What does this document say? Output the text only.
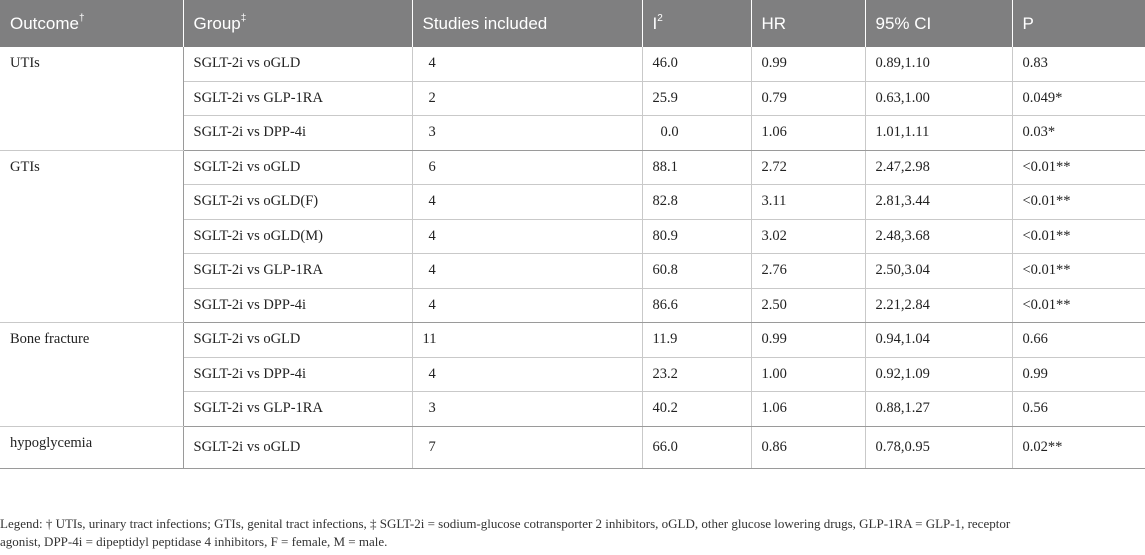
Outcome†	Group‡	Studies included	$I^2$	HR	95% CI	P
UTIs	SGLT-2i vs oGLD	4	46.0	0.99	0.89,1.10	0.83
	SGLT-2i vs GLP-1RA	2	25.9	0.79	0.63,1.00	0.049*
	SGLT-2i vs DPP-4i	3	0.0	1.06	1.01,1.11	0.03*
GTIs	SGLT-2i vs oGLD	6	88.1	2.72	2.47,2.98	<0.01**
	SGLT-2i vs oGLD(F)	4	82.8	3.11	2.81,3.44	<0.01**
	SGLT-2i vs oGLD(M)	4	80.9	3.02	2.48,3.68	<0.01**
	SGLT-2i vs GLP-1RA	4	60.8	2.76	2.50,3.04	<0.01**
	SGLT-2i vs DPP-4i	4	86.6	2.50	2.21,2.84	<0.01**
Bone fracture	SGLT-2i vs oGLD	11	11.9	0.99	0.94,1.04	0.66
	SGLT-2i vs DPP-4i	4	23.2	1.00	0.92,1.09	0.99
	SGLT-2i vs GLP-1RA	3	40.2	1.06	0.88,1.27	0.56
hypoglycemia	SGLT-2i vs oGLD	7	66.0	0.86	0.78,0.95	0.02**
Legend: † UTIs, urinary tract infections; GTIs, genital tract infections, ‡ SGLT-2i = sodium-glucose cotransporter 2 inhibitors, oGLD, other glucose lowering drugs, GLP-1RA = GLP-1, receptor
agonist, DPP-4i = dipeptidyl peptidase 4 inhibitors, F = female, M = male.
